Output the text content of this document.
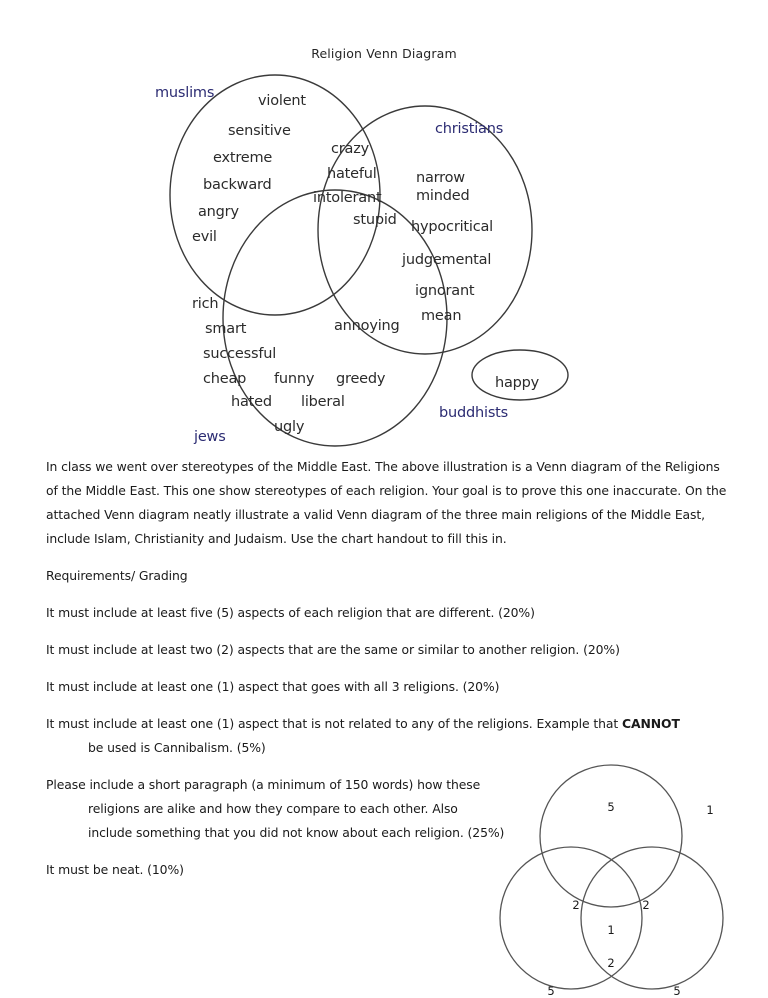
Religion Venn Diagram
violent
sensitive
extreme
backward
angry
evil
crazy
hateful
intolerant
stupid
narrow
minded
hypocritical
judgemental
ignorant
mean
rich
smart
successful
cheap funny greedy
hated liberal
ugly
annoying
happy
muslims
christians
jews
buddhists

In class we went over stereotypes of the Middle East. The above illustration is a Venn diagram of the Religions of the Middle East. This one show stereotypes of each religion. Your goal is to prove this one inaccurate. On the attached Venn diagram neatly illustrate a valid Venn diagram of the three main religions of the Middle East, include Islam, Christianity and Judaism. Use the chart handout to fill this in.

Requirements/ Grading

It must include at least five (5) aspects of each religion that are different. (20%)

It must include at least two (2) aspects that are the same or similar to another religion. (20%)

It must include at least one (1) aspect that goes with all 3 religions. (20%)

It must include at least one (1) aspect that is not related to any of the religions. Example that CANNOT
be used is Cannibalism. (5%)

Please include a short paragraph (a minimum of 150 words) how these
religions are alike and how they compare to each other. Also
include something that you did not know about each religion. (25%)

It must be neat. (10%)

5	1
2	2
1
2
5	5
